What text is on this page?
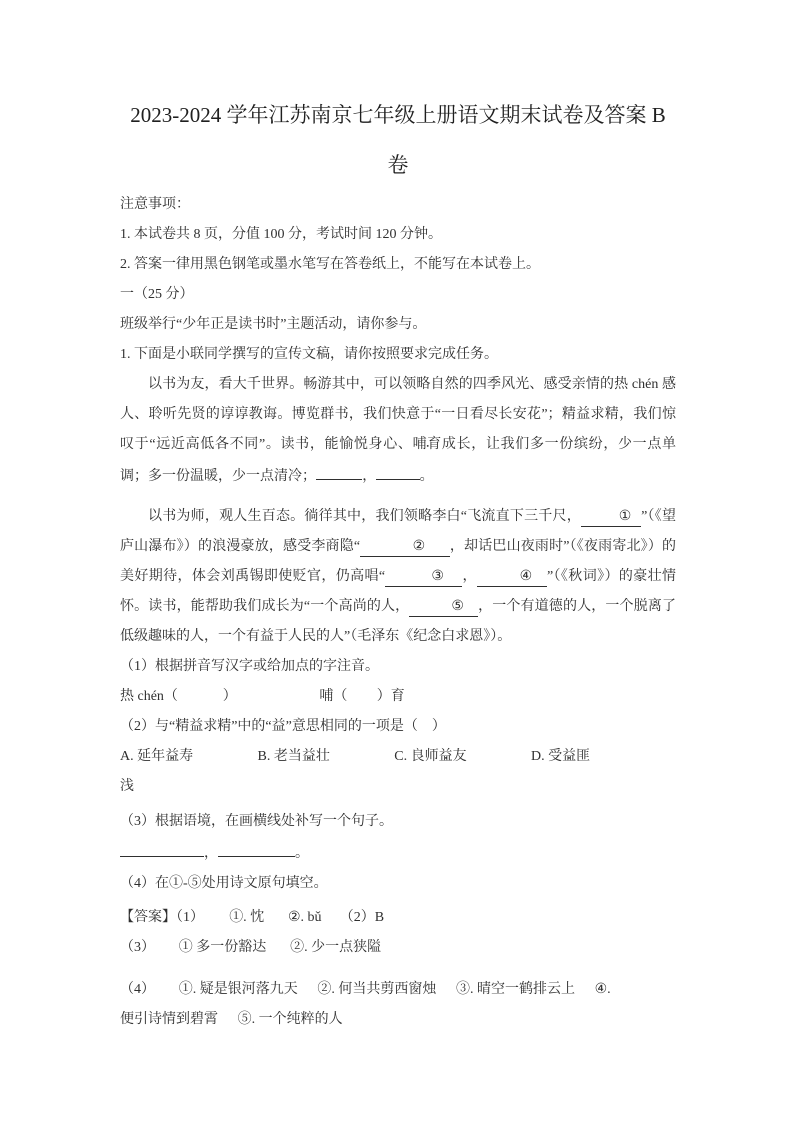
2023-2024 学年江苏南京七年级上册语文期末试卷及答案 B
卷
注意事项：
1. 本试卷共 8 页，分值 100 分，考试时间 120 分钟。
2. 答案一律用黑色钢笔或墨水笔写在答卷纸上，不能写在本试卷上。
一（25 分）
班级举行“少年正是读书时”主题活动，请你参与。
1. 下面是小联同学撰写的宣传文稿，请你按照要求完成任务。
以书为友，看大千世界。畅游其中，可以领略自然的四季风光、感受亲情的热 chén 感人、聆听先贤的谆谆教诲。博览群书，我们快意于“一日看尽长安花”；精益求精，我们惊叹于“远近高低各不同”。读书，能愉悦身心、哺 •育成长，让我们多一份缤纷，少一点单调；多一份温暖，少一点清冷；	，	。
以书为师，观人生百态。徜徉其中，我们领略李白“飞流直下三千尺，	① ”（《望庐山瀑布》）的浪漫豪放，感受李商隐“	② ，却话巴山夜雨时”（《夜雨寄北》）的美好期待，体会刘禹锡即使贬官，仍高唱“	③ ，	④ ”（《秋词》）的豪壮情怀。读书，能帮助我们成长为“一个高尚的人，	⑤ ，一个有道德的人，一个脱离了低级趣味的人，一个有益于人民的人”（毛泽东《纪念白求恩》）。
（1）根据拼音写汉字或给加点的字注音。
热 chén（	）	哺（ ）育
（2）与“精益求精”中的“益”意思相同的一项是（　）
A. 延年益 •寿	B. 老当益 •壮	C. 良师益 •友	D. 受益 •匪
浅
（3）根据语境，在画横线处补写一个句子。
，	。
（4）在①-⑤处用诗文原句填空。
【答案】（1） ①. 忱 ②. bǔ （2）B
（3） ① 多一份豁达 ②. 少一点狭隘
（4） ①. 疑是银河落九天 ②. 何当共剪西窗烛 ③. 晴空一鹤排云上 ④.
便引诗情到碧霄 ⑤. 一个纯粹的人
